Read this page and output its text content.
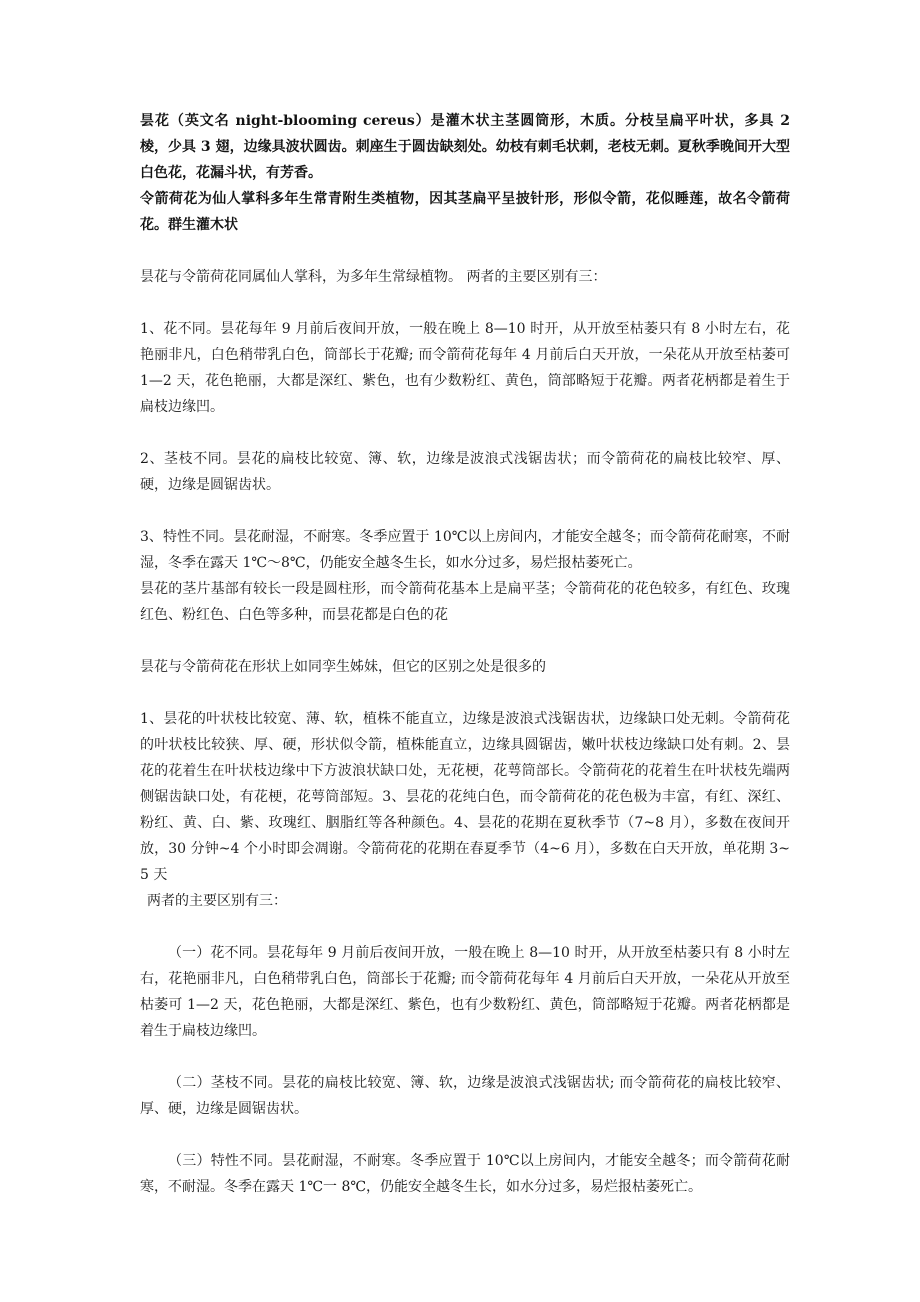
昙花（英文名 night-blooming cereus）是灌木状主茎圆筒形，木质。分枝呈扁平叶状，多具 2 棱，少具 3 翅，边缘具波状圆齿。刺座生于圆齿缺刻处。幼枝有刺毛状刺，老枝无刺。夏秋季晚间开大型白色花，花漏斗状，有芳香。

令箭荷花为仙人掌科多年生常青附生类植物，因其茎扁平呈披针形，形似令箭，花似睡莲，故名令箭荷花。群生灌木状

昙花与令箭荷花同属仙人掌科，为多年生常绿植物。 两者的主要区别有三：

1、花不同。昙花每年 9 月前后夜间开放，一般在晚上 8—10 时开，从开放至枯萎只有 8 小时左右，花艳丽非凡，白色稍带乳白色，筒部长于花瓣; 而令箭荷花每年 4 月前后白天开放，一朵花从开放至枯萎可 1—2 天，花色艳丽，大都是深红、紫色，也有少数粉红、黄色，筒部略短于花瓣。两者花柄都是着生于扁枝边缘凹。

2、茎枝不同。昙花的扁枝比较宽、簿、软，边缘是波浪式浅锯齿状；而令箭荷花的扁枝比较窄、厚、硬，边缘是圆锯齿状。

3、特性不同。昙花耐湿，不耐寒。冬季应置于 10℃以上房间内，才能安全越冬；而令箭荷花耐寒，不耐湿，冬季在露天 1℃～8℃，仍能安全越冬生长，如水分过多，易烂报枯萎死亡。

昙花的茎片基部有较长一段是圆柱形，而令箭荷花基本上是扁平茎；令箭荷花的花色较多，有红色、玫瑰红色、粉红色、白色等多种，而昙花都是白色的花

昙花与令箭荷花在形状上如同孪生姊妹，但它的区别之处是很多的

1、昙花的叶状枝比较宽、薄、软，植株不能直立，边缘是波浪式浅锯齿状，边缘缺口处无刺。令箭荷花的叶状枝比较狭、厚、硬，形状似令箭，植株能直立，边缘具圆锯齿，嫩叶状枝边缘缺口处有刺。2、昙花的花着生在叶状枝边缘中下方波浪状缺口处，无花梗，花萼筒部长。令箭荷花的花着生在叶状枝先端两侧锯齿缺口处，有花梗，花萼筒部短。3、昙花的花纯白色，而令箭荷花的花色极为丰富，有红、深红、粉红、黄、白、紫、玫瑰红、胭脂红等各种颜色。4、昙花的花期在夏秋季节（7~8 月），多数在夜间开放，30 分钟~4 个小时即会凋谢。令箭荷花的花期在春夏季节（4~6 月），多数在白天开放，单花期 3~5 天

两者的主要区别有三：

（一）花不同。昙花每年 9 月前后夜间开放，一般在晚上 8—10 时开，从开放至枯萎只有 8 小时左右，花艳丽非凡，白色稍带乳白色，筒部长于花瓣; 而令箭荷花每年 4 月前后白天开放，一朵花从开放至枯萎可 1—2 天，花色艳丽，大都是深红、紫色，也有少数粉红、黄色，筒部略短于花瓣。两者花柄都是着生于扁枝边缘凹。

（二）茎枝不同。昙花的扁枝比较宽、簿、软，边缘是波浪式浅锯齿状; 而令箭荷花的扁枝比较窄、厚、硬，边缘是圆锯齿状。

（三）特性不同。昙花耐湿，不耐寒。冬季应置于 10℃以上房间内，才能安全越冬；而令箭荷花耐寒，不耐湿。冬季在露天 1℃一 8℃，仍能安全越冬生长，如水分过多，易烂报枯萎死亡。
